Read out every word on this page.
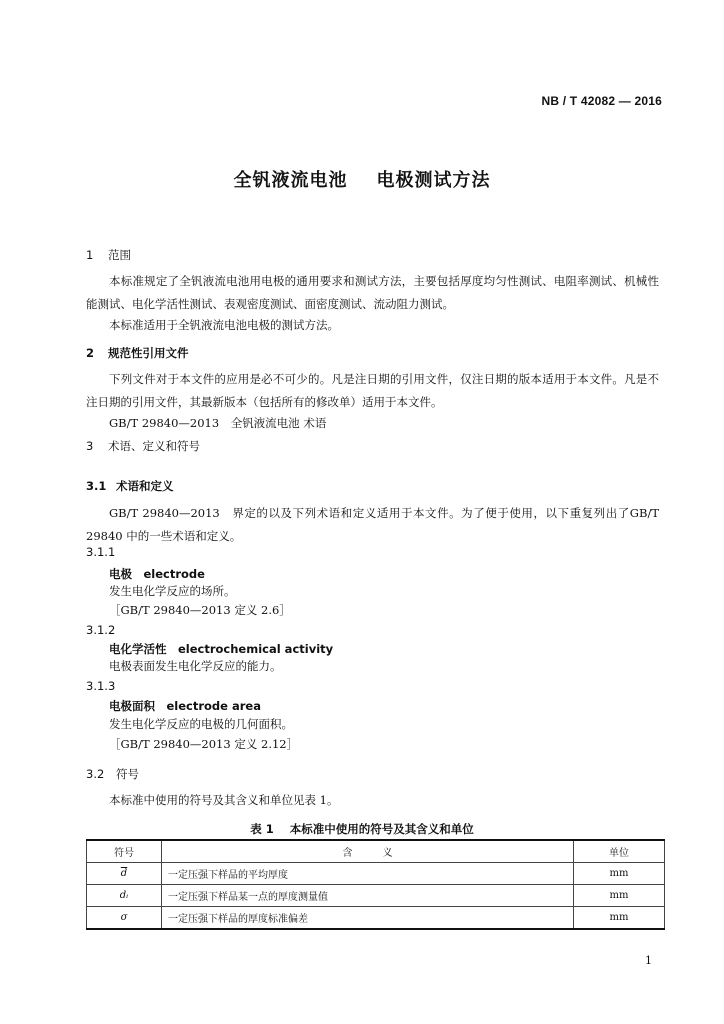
NB / T 42082 — 2016
全钒液流电池    电极测试方法
1 范围
本标准规定了全钒液流电池用电极的通用要求和测试方法，主要包括厚度均匀性测试、电阻率测试、机械性能测试、电化学活性测试、表观密度测试、面密度测试、流动阻力测试。
本标准适用于全钒液流电池电极的测试方法。
2 规范性引用文件
下列文件对于本文件的应用是必不可少的。凡是注日期的引用文件，仅注日期的版本适用于本文件。凡是不注日期的引用文件，其最新版本（包括所有的修改单）适用于本文件。
GB/T 29840—2013　全钒液流电池 术语
3 术语、定义和符号
3.1 术语和定义
GB/T 29840—2013　界定的以及下列术语和定义适用于本文件。为了便于使用，以下重复列出了GB/T 29840 中的一些术语和定义。
3.1.1
电极　 electrode
发生电化学反应的场所。
［GB/T 29840—2013 定义 2.6］
3.1.2
电化学活性　 electrochemical activity
电极表面发生电化学反应的能力。
3.1.3
电极面积　 electrode area
发生电化学反应的电极的几何面积。
［GB/T 29840—2013 定义 2.12］
3.2 符号
本标准中使用的符号及其含义和单位见表 1。
表 1    本标准中使用的符号及其含义和单位
符号	含　　　义	单位
$\overline{d}$	一定压强下样品的平均厚度	mm
dᵢ	一定压强下样品某一点的厚度测量值	mm
σ	一定压强下样品的厚度标准偏差	mm
1
